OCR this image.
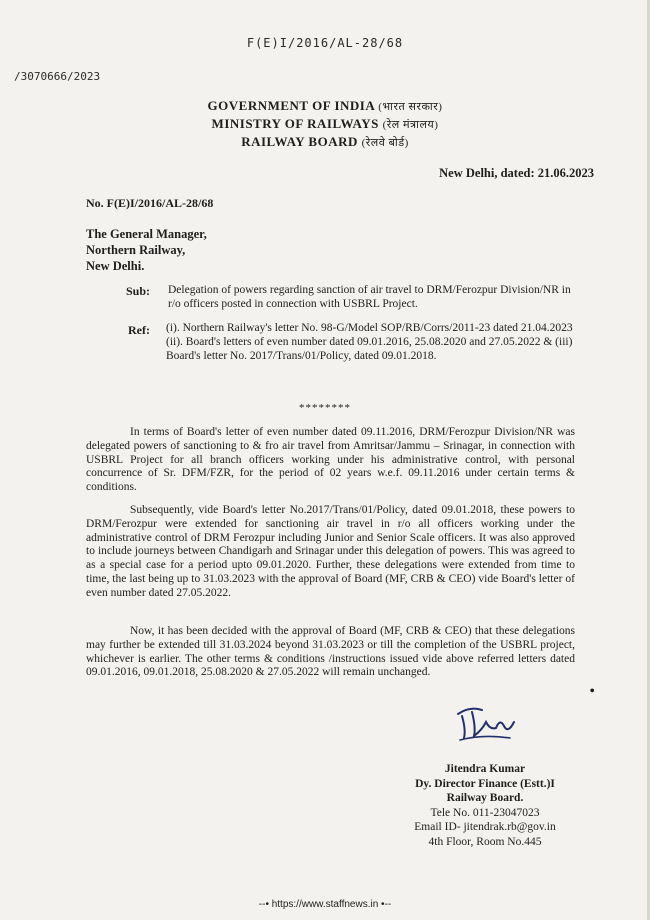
F(E)I/2016/AL-28/68
/3070666/2023
GOVERNMENT OF INDIA (भारत सरकार)
MINISTRY OF RAILWAYS (रेल मंत्रालय)
RAILWAY BOARD (रेलवे बोर्ड)
New Delhi, dated: 21.06.2023
No. F(E)I/2016/AL-28/68
The General Manager,
Northern Railway,
New Delhi.
Sub: Delegation of powers regarding sanction of air travel to DRM/Ferozpur Division/NR in r/o officers posted in connection with USBRL Project.
Ref: (i). Northern Railway's letter No. 98-G/Model SOP/RB/Corrs/2011-23 dated 21.04.2023 (ii). Board's letters of even number dated 09.01.2016, 25.08.2020 and 27.05.2022 & (iii) Board's letter No. 2017/Trans/01/Policy, dated 09.01.2018.
********

In terms of Board's letter of even number dated 09.11.2016, DRM/Ferozpur Division/NR was delegated powers of sanctioning to & fro air travel from Amritsar/Jammu – Srinagar, in connection with USBRL Project for all branch officers working under his administrative control, with personal concurrence of Sr. DFM/FZR, for the period of 02 years w.e.f. 09.11.2016 under certain terms & conditions.

Subsequently, vide Board's letter No.2017/Trans/01/Policy, dated 09.01.2018, these powers to DRM/Ferozpur were extended for sanctioning air travel in r/o all officers working under the administrative control of DRM Ferozpur including Junior and Senior Scale officers. It was also approved to include journeys between Chandigarh and Srinagar under this delegation of powers. This was agreed to as a special case for a period upto 09.01.2020. Further, these delegations were extended from time to time, the last being up to 31.03.2023 with the approval of Board (MF, CRB & CEO) vide Board's letter of even number dated 27.05.2022.

Now, it has been decided with the approval of Board (MF, CRB & CEO) that these delegations may further be extended till 31.03.2024 beyond 31.03.2023 or till the completion of the USBRL project, whichever is earlier. The other terms & conditions /instructions issued vide above referred letters dated 09.01.2016, 09.01.2018, 25.08.2020 & 27.05.2022 will remain unchanged.

•
Jitendra Kumar
Dy. Director Finance (Estt.)I
Railway Board.
Tele No. 011-23047023
Email ID- jitendrak.rb@gov.in
4th Floor, Room No.445
--• https://www.staffnews.in •--
